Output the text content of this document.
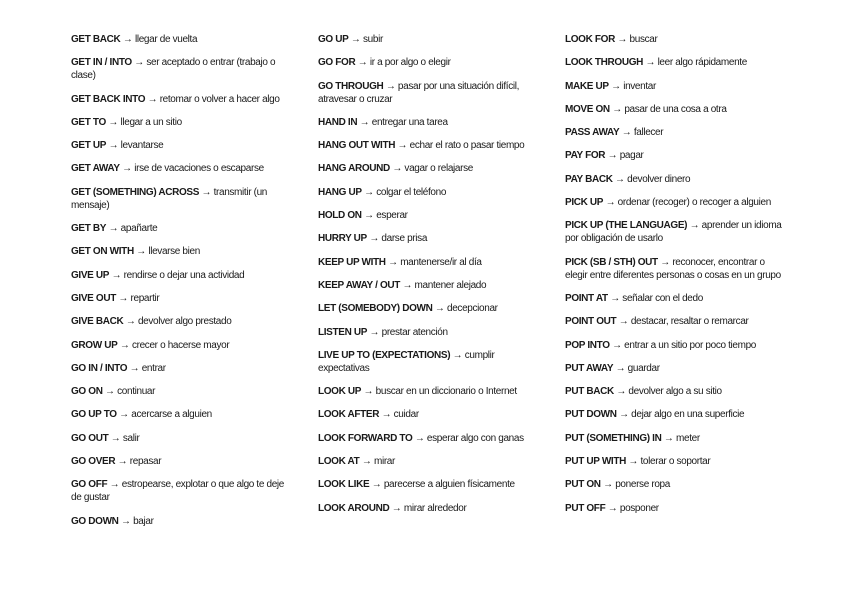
GET BACK → llegar de vuelta
GET IN / INTO → ser aceptado o entrar (trabajo o clase)
GET BACK INTO → retomar o volver a hacer algo
GET TO → llegar a un sitio
GET UP → levantarse
GET AWAY → irse de vacaciones o escaparse
GET (SOMETHING) ACROSS → transmitir (un mensaje)
GET BY → apañarte
GET ON WITH → llevarse bien
GIVE UP → rendirse o dejar una actividad
GIVE OUT → repartir
GIVE BACK → devolver algo prestado
GROW UP → crecer o hacerse mayor
GO IN / INTO → entrar
GO ON → continuar
GO UP TO → acercarse a alguien
GO OUT → salir
GO OVER → repasar
GO OFF → estropearse, explotar o que algo te deje de gustar
GO DOWN → bajar
GO UP → subir
GO FOR → ir a por algo o elegir
GO THROUGH → pasar por una situación difícil, atravesar o cruzar
HAND IN → entregar una tarea
HANG OUT WITH → echar el rato o pasar tiempo
HANG AROUND → vagar o relajarse
HANG UP → colgar el teléfono
HOLD ON → esperar
HURRY UP → darse prisa
KEEP UP WITH → mantenerse/ir al día
KEEP AWAY / OUT → mantener alejado
LET (SOMEBODY) DOWN → decepcionar
LISTEN UP → prestar atención
LIVE UP TO (EXPECTATIONS) → cumplir expectativas
LOOK UP → buscar en un diccionario o Internet
LOOK AFTER → cuidar
LOOK FORWARD TO → esperar algo con ganas
LOOK AT → mirar
LOOK LIKE → parecerse a alguien físicamente
LOOK AROUND → mirar alrededor
LOOK FOR → buscar
LOOK THROUGH → leer algo rápidamente
MAKE UP → inventar
MOVE ON → pasar de una cosa a otra
PASS AWAY → fallecer
PAY FOR → pagar
PAY BACK → devolver dinero
PICK UP → ordenar (recoger) o recoger a alguien
PICK UP (THE LANGUAGE) → aprender un idioma por obligación de usarlo
PICK (SB / STH) OUT → reconocer, encontrar o elegir entre diferentes personas o cosas en un grupo
POINT AT → señalar con el dedo
POINT OUT → destacar, resaltar o remarcar
POP INTO → entrar a un sitio por poco tiempo
PUT AWAY → guardar
PUT BACK → devolver algo a su sitio
PUT DOWN → dejar algo en una superficie
PUT (SOMETHING) IN → meter
PUT UP WITH → tolerar o soportar
PUT ON → ponerse ropa
PUT OFF → posponer
